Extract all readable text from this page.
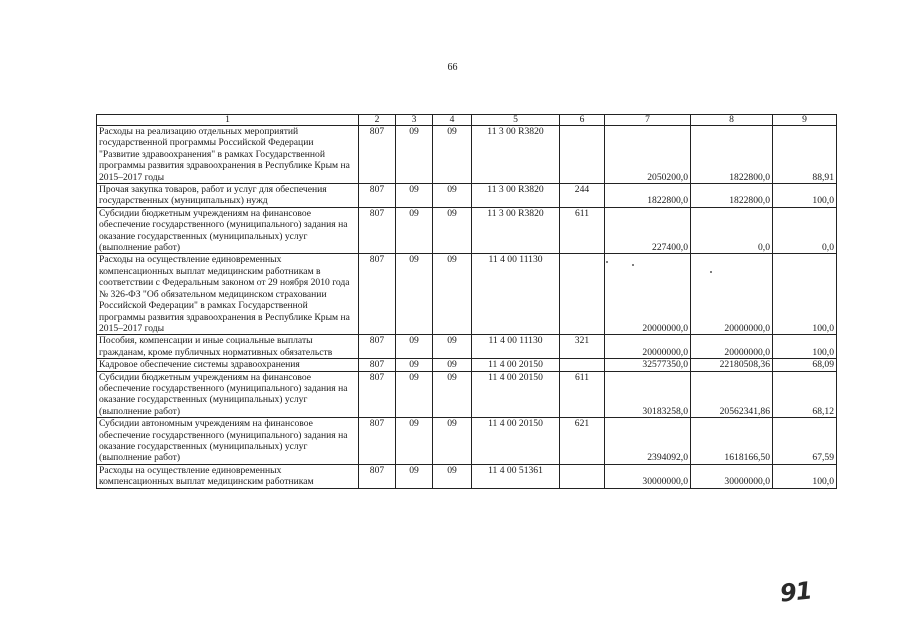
66
1	2	3	4	5	6	7	8	9
Расходы на реализацию отдельных мероприятий государственной программы Российской Федерации "Развитие здравоохранения" в рамках Государственной программы развития здравоохранения в Республике Крым на 2015–2017 годы	807	09	09	11 3 00 R3820		2050200,0	1822800,0	88,91
Прочая закупка товаров, работ и услуг для обеспечения государственных (муниципальных) нужд	807	09	09	11 3 00 R3820	244	1822800,0	1822800,0	100,0
Субсидии бюджетным учреждениям на финансовое обеспечение государственного (муниципального) задания на оказание государственных (муниципальных) услуг (выполнение работ)	807	09	09	11 3 00 R3820	611	227400,0	0,0	0,0
Расходы на осуществление единовременных компенсационных выплат медицинским работникам в соответствии с Федеральным законом от 29 ноября 2010 года № 326-ФЗ "Об обязательном медицинском страховании Российской Федерации" в рамках Государственной программы развития здравоохранения в Республике Крым на 2015–2017 годы	807	09	09	11 4 00 11130		20000000,0	20000000,0	100,0
Пособия, компенсации и иные социальные выплаты гражданам, кроме публичных нормативных обязательств	807	09	09	11 4 00 11130	321	20000000,0	20000000,0	100,0
Кадровое обеспечение системы здравоохранения	807	09	09	11 4 00 20150		32577350,0	22180508,36	68,09
Субсидии бюджетным учреждениям на финансовое обеспечение государственного (муниципального) задания на оказание государственных (муниципальных) услуг (выполнение работ)	807	09	09	11 4 00 20150	611	30183258,0	20562341,86	68,12
Субсидии автономным учреждениям на финансовое обеспечение государственного (муниципального) задания на оказание государственных (муниципальных) услуг (выполнение работ)	807	09	09	11 4 00 20150	621	2394092,0	1618166,50	67,59
Расходы на осуществление единовременных компенсационных выплат медицинским работникам	807	09	09	11 4 00 51361		30000000,0	30000000,0	100,0
91
